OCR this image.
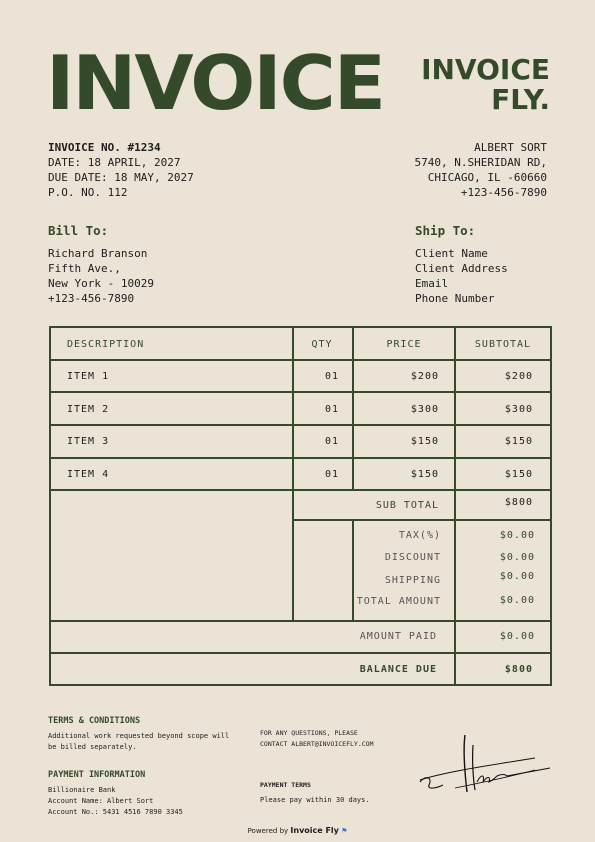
INVOICE INVOICE
FLY.
INVOICE NO. #1234
DATE: 18 APRIL, 2027
DUE DATE: 18 MAY, 2027
P.O. NO. 112
ALBERT SORT
5740, N.SHERIDAN RD,
CHICAGO, IL -60660
+123-456-7890
Bill To:
Richard Branson
Fifth Ave.,
New York - 10029
+123-456-7890
Ship To:
Client Name
Client Address
Email
Phone Number
DESCRIPTION	QTY	PRICE	SUBTOTAL
ITEM 1	01	$200	$200
ITEM 2	01	$300	$300
ITEM 3	01	$150	$150
ITEM 4	01	$150	$150
SUB TOTAL	$800
TAX(%)	$0.00
DISCOUNT	$0.00
SHIPPING	$0.00
TOTAL AMOUNT	$0.00
AMOUNT PAID	$0.00
BALANCE DUE	$800
TERMS & CONDITIONS
Additional work requested beyond scope will
be billed separately.
FOR ANY QUESTIONS, PLEASE
CONTACT ALBERT@INVOICEFLY.COM
PAYMENT INFORMATION
Billionaire Bank
Account Name: Albert Sort
Account No.: 5431 4516 7890 3345
PAYMENT TERMS
Please pay within 30 days.
Powered by Invoice Fly ⚑
